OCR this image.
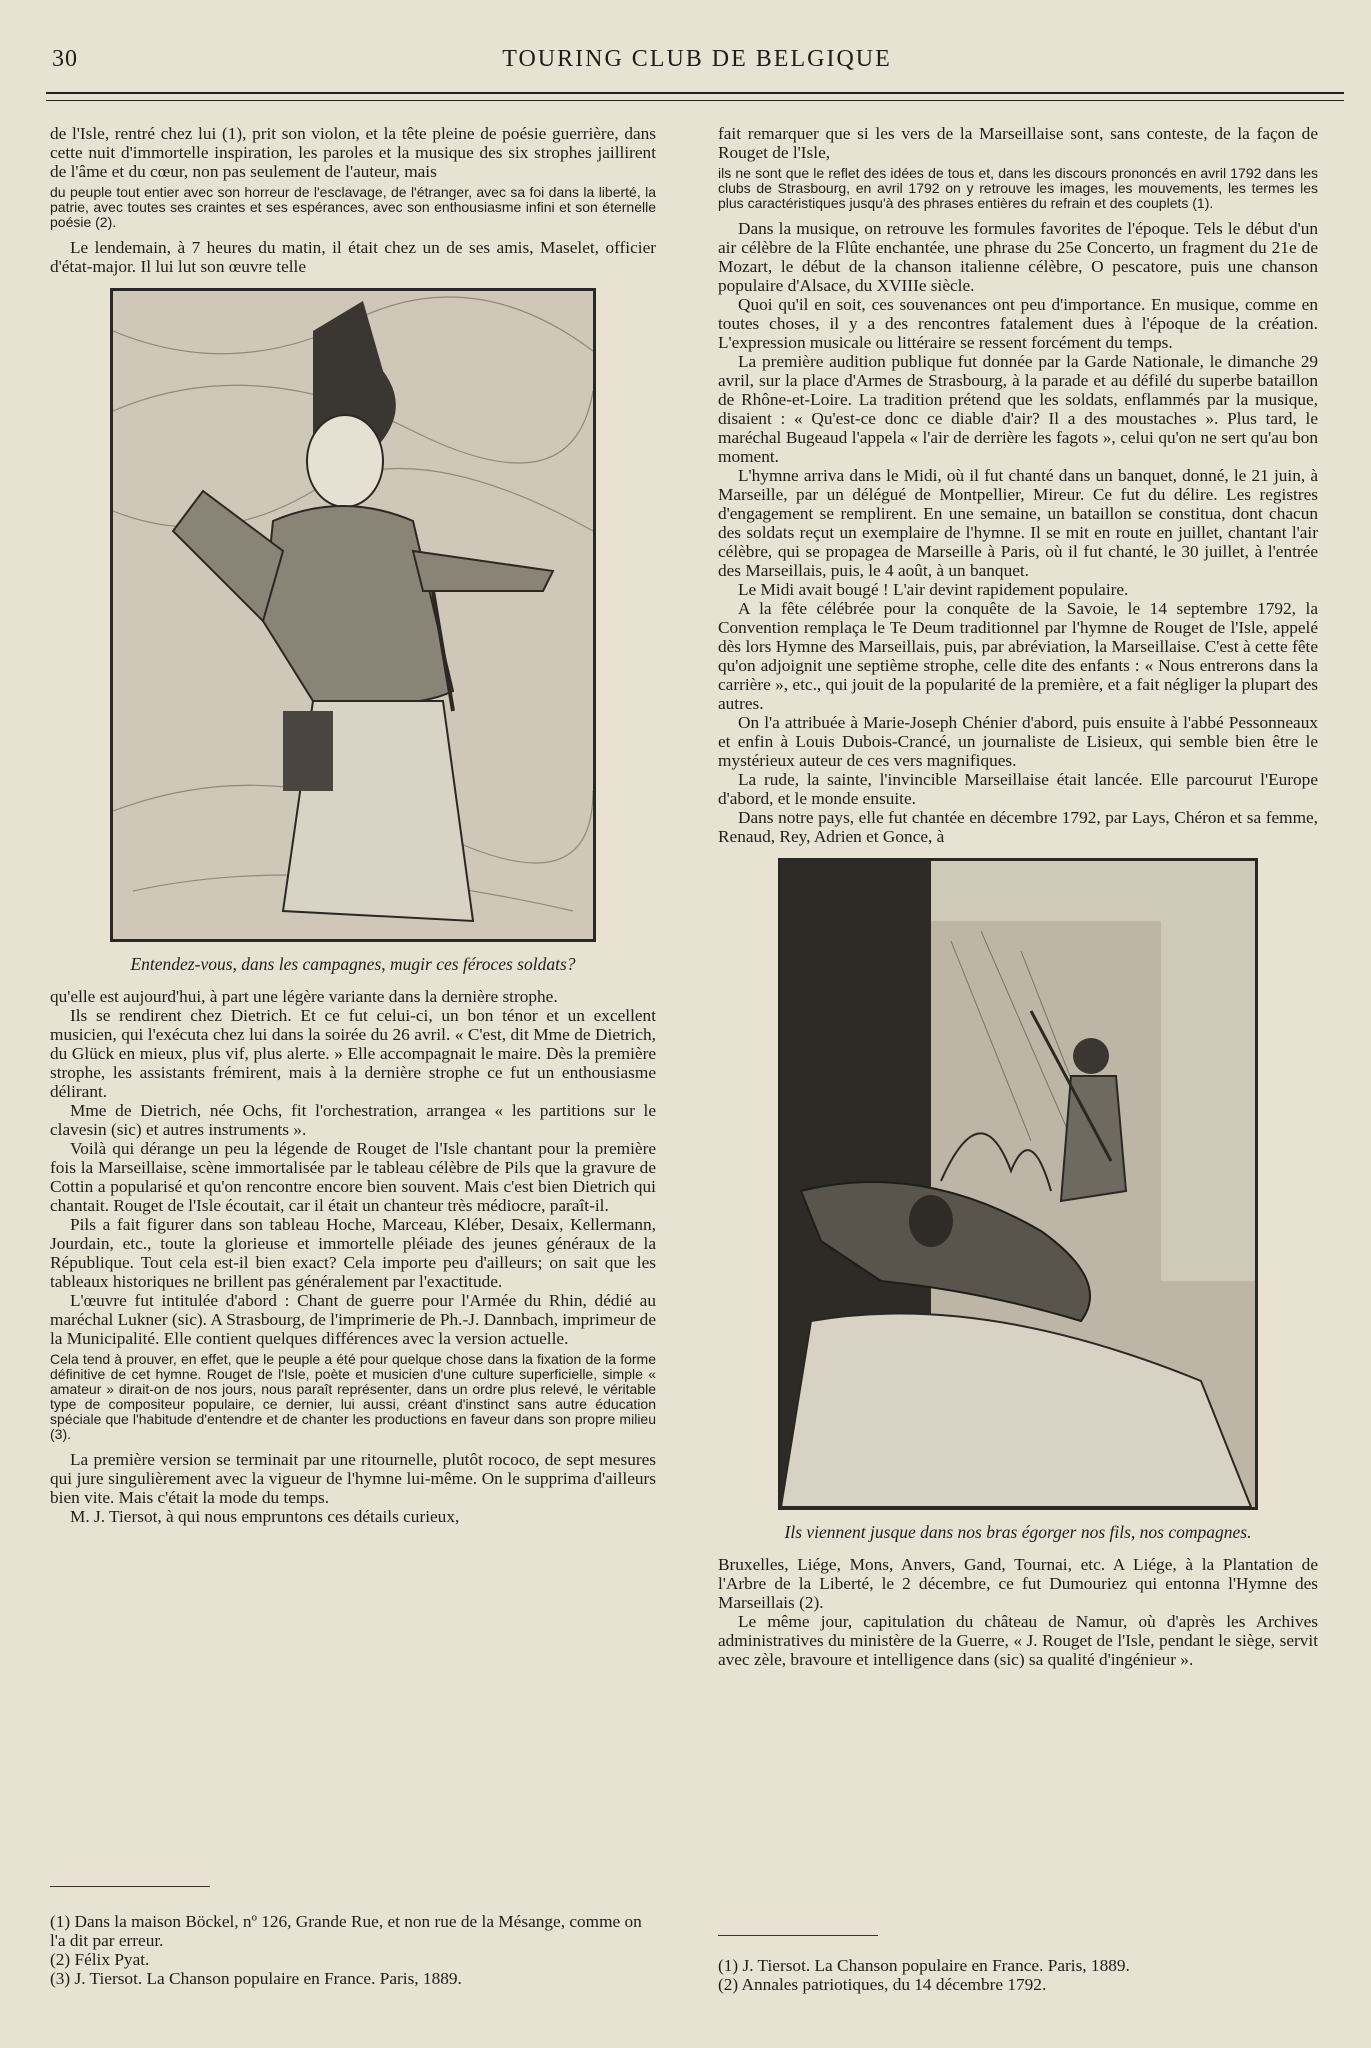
30	TOURING CLUB DE BELGIQUE

de l'Isle, rentré chez lui (1), prit son violon, et la tête pleine de poésie guerrière, dans cette nuit d'immortelle inspiration, les paroles et la musique des six strophes jaillirent de l'âme et du cœur, non pas seulement de l'auteur, mais

du peuple tout entier avec son horreur de l'esclavage, de l'étranger, avec sa foi dans la liberté, la patrie, avec toutes ses craintes et ses espérances, avec son enthousiasme infini et son éternelle poésie (2).

Le lendemain, à 7 heures du matin, il était chez un de ses amis, Maselet, officier d'état-major. Il lui lut son œuvre telle

Entendez-vous, dans les campagnes, mugir ces féroces soldats?

qu'elle est aujourd'hui, à part une légère variante dans la dernière strophe.

Ils se rendirent chez Dietrich. Et ce fut celui-ci, un bon ténor et un excellent musicien, qui l'exécuta chez lui dans la soirée du 26 avril. « C'est, dit Mme de Dietrich, du Glück en mieux, plus vif, plus alerte. » Elle accompagnait le maire. Dès la première strophe, les assistants frémirent, mais à la dernière strophe ce fut un enthousiasme délirant.

Mme de Dietrich, née Ochs, fit l'orchestration, arrangea « les partitions sur le clavesin (sic) et autres instruments ».

Voilà qui dérange un peu la légende de Rouget de l'Isle chantant pour la première fois la Marseillaise, scène immortalisée par le tableau célèbre de Pils que la gravure de Cottin a popularisé et qu'on rencontre encore bien souvent. Mais c'est bien Dietrich qui chantait. Rouget de l'Isle écoutait, car il était un chanteur très médiocre, paraît-il.

Pils a fait figurer dans son tableau Hoche, Marceau, Kléber, Desaix, Kellermann, Jourdain, etc., toute la glorieuse et immortelle pléiade des jeunes généraux de la République. Tout cela est-il bien exact? Cela importe peu d'ailleurs; on sait que les tableaux historiques ne brillent pas généralement par l'exactitude.

L'œuvre fut intitulée d'abord : Chant de guerre pour l'Armée du Rhin, dédié au maréchal Lukner (sic). A Strasbourg, de l'imprimerie de Ph.-J. Dannbach, imprimeur de la Municipalité. Elle contient quelques différences avec la version actuelle.

Cela tend à prouver, en effet, que le peuple a été pour quelque chose dans la fixation de la forme définitive de cet hymne. Rouget de l'Isle, poète et musicien d'une culture superficielle, simple « amateur » dirait-on de nos jours, nous paraît représenter, dans un ordre plus relevé, le véritable type de compositeur populaire, ce dernier, lui aussi, créant d'instinct sans autre éducation spéciale que l'habitude d'entendre et de chanter les productions en faveur dans son propre milieu (3).

La première version se terminait par une ritournelle, plutôt rococo, de sept mesures qui jure singulièrement avec la vigueur de l'hymne lui-même. On le supprima d'ailleurs bien vite. Mais c'était la mode du temps.

M. J. Tiersot, à qui nous empruntons ces détails curieux,

(1) Dans la maison Böckel, nº 126, Grande Rue, et non rue de la Mésange, comme on l'a dit par erreur.

(2) Félix Pyat.

(3) J. Tiersot. La Chanson populaire en France. Paris, 1889.

fait remarquer que si les vers de la Marseillaise sont, sans conteste, de la façon de Rouget de l'Isle,

ils ne sont que le reflet des idées de tous et, dans les discours prononcés en avril 1792 dans les clubs de Strasbourg, en avril 1792 on y retrouve les images, les mouvements, les termes les plus caractéristiques jusqu'à des phrases entières du refrain et des couplets (1).

Dans la musique, on retrouve les formules favorites de l'époque. Tels le début d'un air célèbre de la Flûte enchantée, une phrase du 25e Concerto, un fragment du 21e de Mozart, le début de la chanson italienne célèbre, O pescatore, puis une chanson populaire d'Alsace, du XVIIIe siècle.

Quoi qu'il en soit, ces souvenances ont peu d'importance. En musique, comme en toutes choses, il y a des rencontres fatalement dues à l'époque de la création. L'expression musicale ou littéraire se ressent forcément du temps.

La première audition publique fut donnée par la Garde Nationale, le dimanche 29 avril, sur la place d'Armes de Strasbourg, à la parade et au défilé du superbe bataillon de Rhône-et-Loire. La tradition prétend que les soldats, enflammés par la musique, disaient : « Qu'est-ce donc ce diable d'air? Il a des moustaches ». Plus tard, le maréchal Bugeaud l'appela « l'air de derrière les fagots », celui qu'on ne sert qu'au bon moment.

L'hymne arriva dans le Midi, où il fut chanté dans un banquet, donné, le 21 juin, à Marseille, par un délégué de Montpellier, Mireur. Ce fut du délire. Les registres d'engagement se remplirent. En une semaine, un bataillon se constitua, dont chacun des soldats reçut un exemplaire de l'hymne. Il se mit en route en juillet, chantant l'air célèbre, qui se propagea de Marseille à Paris, où il fut chanté, le 30 juillet, à l'entrée des Marseillais, puis, le 4 août, à un banquet.

Le Midi avait bougé ! L'air devint rapidement populaire.

A la fête célébrée pour la conquête de la Savoie, le 14 septembre 1792, la Convention remplaça le Te Deum traditionnel par l'hymne de Rouget de l'Isle, appelé dès lors Hymne des Marseillais, puis, par abréviation, la Marseillaise. C'est à cette fête qu'on adjoignit une septième strophe, celle dite des enfants : « Nous entrerons dans la carrière », etc., qui jouit de la popularité de la première, et a fait négliger la plupart des autres.

On l'a attribuée à Marie-Joseph Chénier d'abord, puis ensuite à l'abbé Pessonneaux et enfin à Louis Dubois-Crancé, un journaliste de Lisieux, qui semble bien être le mystérieux auteur de ces vers magnifiques.

La rude, la sainte, l'invincible Marseillaise était lancée. Elle parcourut l'Europe d'abord, et le monde ensuite.

Dans notre pays, elle fut chantée en décembre 1792, par Lays, Chéron et sa femme, Renaud, Rey, Adrien et Gonce, à

Ils viennent jusque dans nos bras égorger nos fils, nos compagnes.

Bruxelles, Liége, Mons, Anvers, Gand, Tournai, etc. A Liége, à la Plantation de l'Arbre de la Liberté, le 2 décembre, ce fut Dumouriez qui entonna l'Hymne des Marseillais (2).

Le même jour, capitulation du château de Namur, où d'après les Archives administratives du ministère de la Guerre, « J. Rouget de l'Isle, pendant le siège, servit avec zèle, bravoure et intelligence dans (sic) sa qualité d'ingénieur ».

(1) J. Tiersot. La Chanson populaire en France. Paris, 1889.

(2) Annales patriotiques, du 14 décembre 1792.
